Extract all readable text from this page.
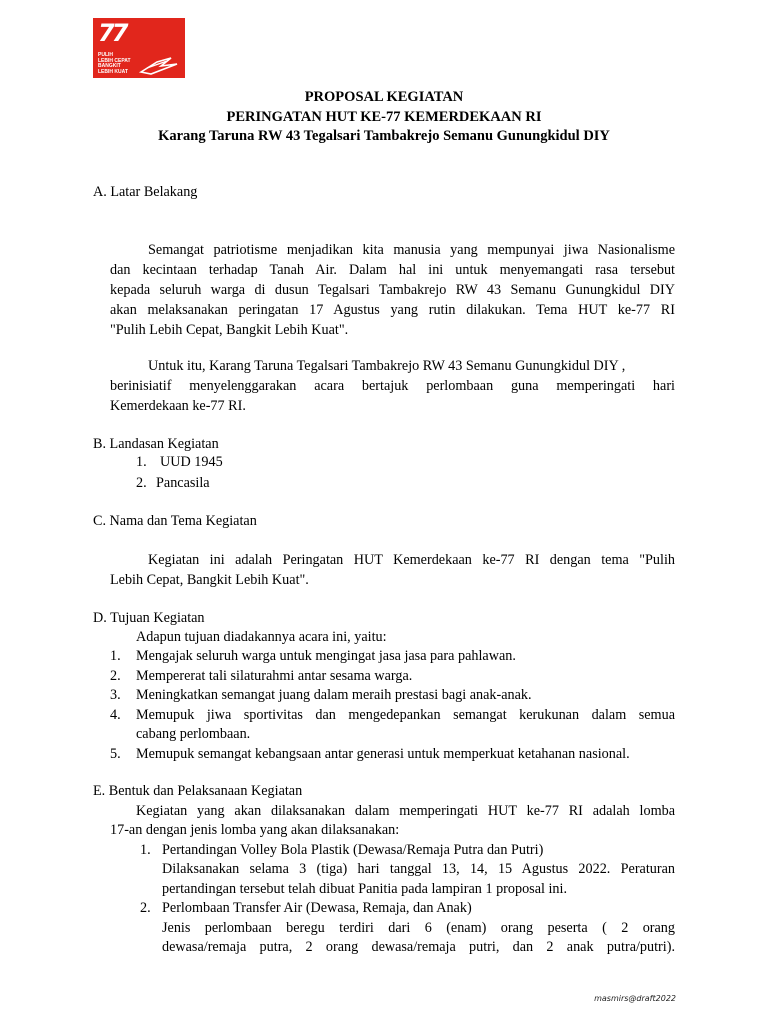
77
PULIH
LEBIH CEPAT
BANGKIT
LEBIH KUAT
PROPOSAL KEGIATAN
PERINGATAN HUT KE-77 KEMERDEKAAN RI
Karang Taruna RW 43 Tegalsari Tambakrejo Semanu Gunungkidul DIY
A. Latar Belakang
Semangat patriotisme menjadikan kita manusia yang mempunyai jiwa Nasionalisme
dan kecintaan terhadap Tanah Air. Dalam hal ini untuk menyemangati rasa tersebut
kepada seluruh warga di dusun Tegalsari Tambakrejo RW 43 Semanu Gunungkidul DIY
akan melaksanakan peringatan 17 Agustus yang rutin dilakukan. Tema HUT ke-77 RI
"Pulih Lebih Cepat, Bangkit Lebih Kuat".
Untuk itu, Karang Taruna Tegalsari Tambakrejo RW 43 Semanu Gunungkidul DIY ,
berinisiatif menyelenggarakan acara bertajuk perlombaan guna memperingati hari
Kemerdekaan ke-77 RI.
B. Landasan Kegiatan
1. UUD 1945
2. Pancasila
C. Nama dan Tema Kegiatan
Kegiatan ini adalah Peringatan HUT Kemerdekaan ke-77 RI dengan tema "Pulih
Lebih Cepat, Bangkit Lebih Kuat".
D. Tujuan Kegiatan
Adapun tujuan diadakannya acara ini, yaitu:
1. Mengajak seluruh warga untuk mengingat jasa jasa para pahlawan.
2. Mempererat tali silaturahmi antar sesama warga.
3. Meningkatkan semangat juang dalam meraih prestasi bagi anak-anak.
4. Memupuk jiwa sportivitas dan mengedepankan semangat kerukunan dalam semua
cabang perlombaan.
5. Memupuk semangat kebangsaan antar generasi untuk memperkuat ketahanan nasional.
E. Bentuk dan Pelaksanaan Kegiatan
Kegiatan yang akan dilaksanakan dalam memperingati HUT ke-77 RI adalah lomba
17-an dengan jenis lomba yang akan dilaksanakan:
1. Pertandingan Volley Bola Plastik (Dewasa/Remaja Putra dan Putri)
Dilaksanakan selama 3 (tiga) hari tanggal 13, 14, 15 Agustus 2022. Peraturan
pertandingan tersebut telah dibuat Panitia pada lampiran 1 proposal ini.
2. Perlombaan Transfer Air (Dewasa, Remaja, dan Anak)
Jenis perlombaan beregu terdiri dari 6 (enam) orang peserta ( 2 orang
dewasa/remaja putra, 2 orang dewasa/remaja putri, dan 2 anak putra/putri).
masmirs@draft2022
